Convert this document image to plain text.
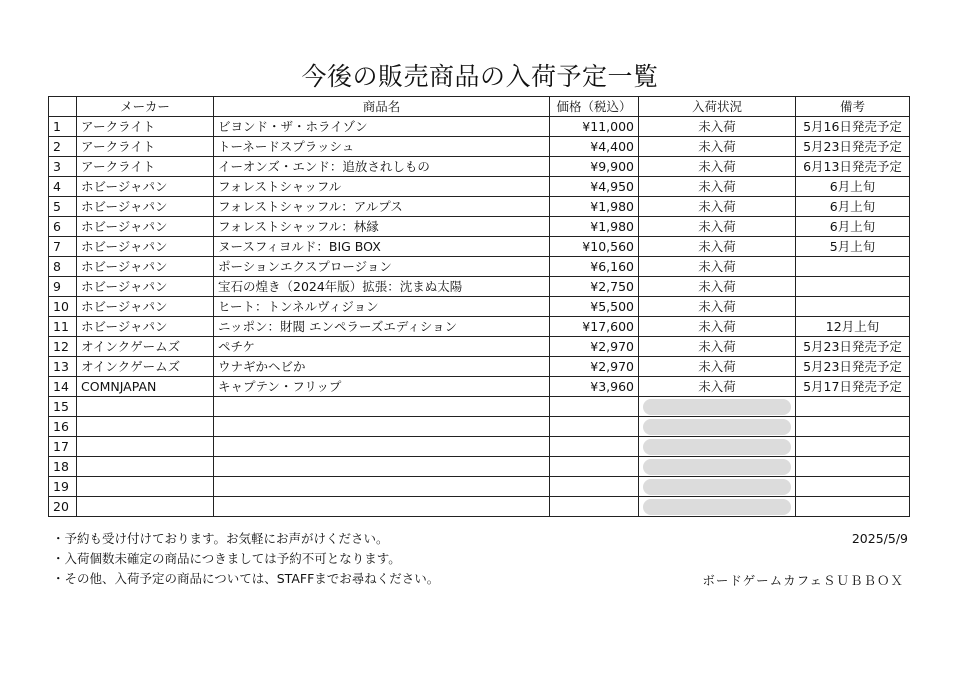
今後の販売商品の入荷予定一覧
	メーカー	商品名	価格（税込）	入荷状況	備考
1	アークライト	ビヨンド・ザ・ホライゾン	¥11,000	未入荷	5月16日発売予定
2	アークライト	トーネードスプラッシュ	¥4,400	未入荷	5月23日発売予定
3	アークライト	イーオンズ・エンド：追放されしもの	¥9,900	未入荷	6月13日発売予定
4	ホビージャパン	フォレストシャッフル	¥4,950	未入荷	6月上旬
5	ホビージャパン	フォレストシャッフル：アルプス	¥1,980	未入荷	6月上旬
6	ホビージャパン	フォレストシャッフル：林縁	¥1,980	未入荷	6月上旬
7	ホビージャパン	ヌースフィヨルド：BIG BOX	¥10,560	未入荷	5月上旬
8	ホビージャパン	ポーションエクスプロージョン	¥6,160	未入荷	
9	ホビージャパン	宝石の煌き（2024年版）拡張：沈まぬ太陽	¥2,750	未入荷	
10	ホビージャパン	ヒート：トンネルヴィジョン	¥5,500	未入荷	
11	ホビージャパン	ニッポン：財閥 エンペラーズエディション	¥17,600	未入荷	12月上旬
12	オインクゲームズ	ペチケ	¥2,970	未入荷	5月23日発売予定
13	オインクゲームズ	ウナギかヘビか	¥2,970	未入荷	5月23日発売予定
14	COMNJAPAN	キャプテン・フリップ	¥3,960	未入荷	5月17日発売予定
15				

16				

17				

18				

19				

20				

・予約も受け付けております。お気軽にお声がけください。
・入荷個数未確定の商品につきましては予約不可となります。
・その他、入荷予定の商品については、STAFFまでお尋ねください。
2025/5/9
ボードゲームカフェＳＵＢＢＯＸ
